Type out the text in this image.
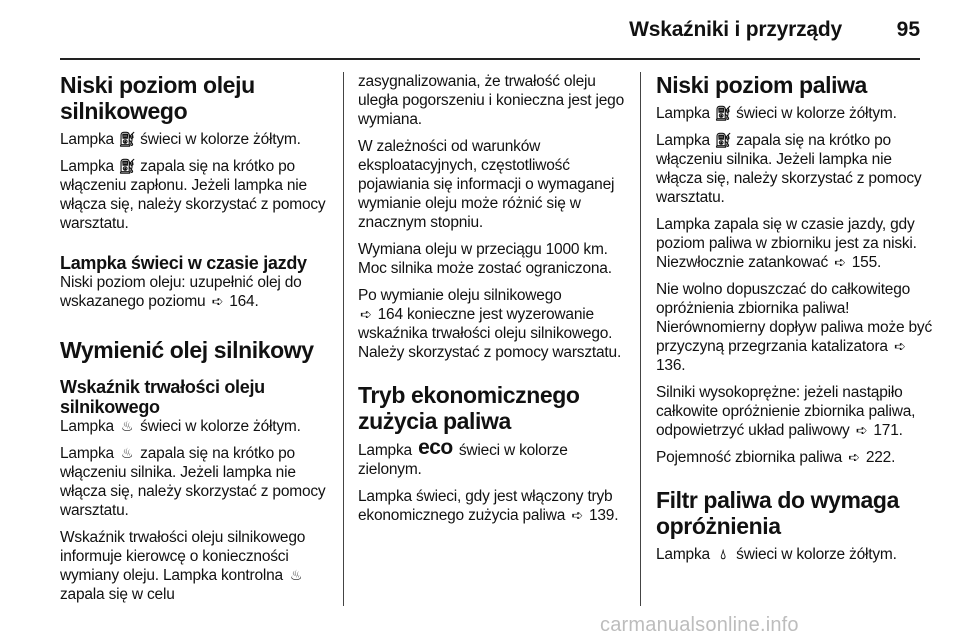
Wskaźniki i przyrządy	95
Niski poziom oleju silnikowego

Lampka ⛽︎ świeci w kolorze żółtym.

Lampka ⛽︎ zapala się na krótko po włączeniu zapłonu. Jeżeli lampka nie włącza się, należy skorzystać z pomocy warsztatu.

Lampka świeci w czasie jazdy

Niski poziom oleju: uzupełnić olej do wskazanego poziomu ➪ 164.

Wymienić olej silnikowy
Wskaźnik trwałości oleju silnikowego

Lampka ♨︎ świeci w kolorze żółtym.

Lampka ♨︎ zapala się na krótko po włączeniu silnika. Jeżeli lampka nie włącza się, należy skorzystać z pomocy warsztatu.

Wskaźnik trwałości oleju silnikowego informuje kierowcę o konieczności wymiany oleju. Lampka kontrolna ♨︎ zapala się w celu

zasygnalizowania, że trwałość oleju uległa pogorszeniu i konieczna jest jego wymiana.

W zależności od warunków eksploatacyjnych, częstotliwość pojawiania się informacji o wymaganej wymianie oleju może różnić się w znacznym stopniu.

Wymiana oleju w przeciągu 1000 km. Moc silnika może zostać ograniczona.

Po wymianie oleju silnikowego
➪ 164 konieczne jest wyzerowanie wskaźnika trwałości oleju silnikowego. Należy skorzystać z pomocy warsztatu.

Tryb ekonomicznego zużycia paliwa

Lampka eco świeci w kolorze zielonym.

Lampka świeci, gdy jest włączony tryb ekonomicznego zużycia paliwa ➪ 139.

Niski poziom paliwa

Lampka ⛽︎ świeci w kolorze żółtym.

Lampka ⛽︎ zapala się na krótko po włączeniu silnika. Jeżeli lampka nie włącza się, należy skorzystać z pomocy warsztatu.

Lampka zapala się w czasie jazdy, gdy poziom paliwa w zbiorniku jest za niski. Niezwłocznie zatankować ➪ 155.

Nie wolno dopuszczać do całkowitego opróżnienia zbiornika paliwa! Nierównomierny dopływ paliwa może być przyczyną przegrzania katalizatora ➪ 136.

Silniki wysokoprężne: jeżeli nastąpiło całkowite opróżnienie zbiornika paliwa, odpowietrzyć układ paliwowy ➪ 171.

Pojemność zbiornika paliwa ➪ 222.

Filtr paliwa do wymaga opróżnienia

Lampka 💧︎ świeci w kolorze żółtym.

carmanualsonline.info
